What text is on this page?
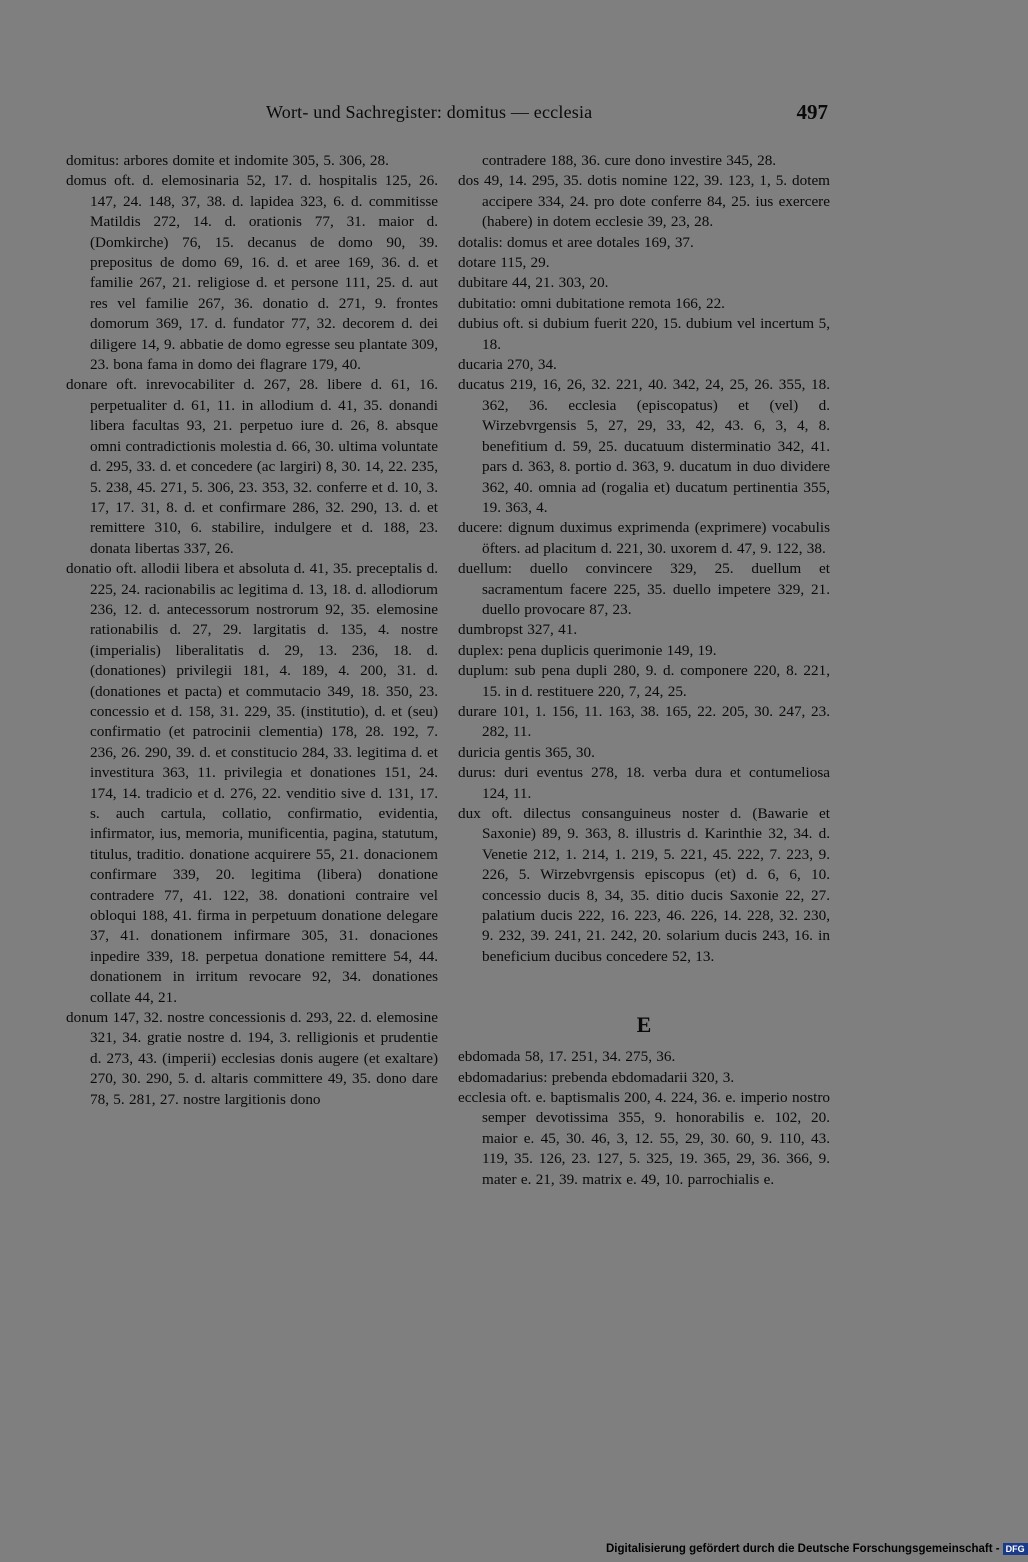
Wort- und Sachregister: domitus — ecclesia	497

domitus: arbores domite et indomite 305, 5. 306, 28.

domus oft. d. elemosinaria 52, 17. d. hospitalis 125, 26. 147, 24. 148, 37, 38. d. lapidea 323, 6. d. commitisse Matildis 272, 14. d. orationis 77, 31. maior d. (Domkirche) 76, 15. decanus de domo 90, 39. prepositus de domo 69, 16. d. et aree 169, 36. d. et familie 267, 21. religiose d. et persone 111, 25. d. aut res vel familie 267, 36. donatio d. 271, 9. frontes domorum 369, 17. d. fundator 77, 32. decorem d. dei diligere 14, 9. abbatie de domo egresse seu plantate 309, 23. bona fama in domo dei flagrare 179, 40.

donare oft. inrevocabiliter d. 267, 28. libere d. 61, 16. perpetualiter d. 61, 11. in allodium d. 41, 35. donandi libera facultas 93, 21. perpetuo iure d. 26, 8. absque omni contradictionis molestia d. 66, 30. ultima voluntate d. 295, 33. d. et concedere (ac largiri) 8, 30. 14, 22. 235, 5. 238, 45. 271, 5. 306, 23. 353, 32. conferre et d. 10, 3. 17, 17. 31, 8. d. et confirmare 286, 32. 290, 13. d. et remittere 310, 6. stabilire, indulgere et d. 188, 23. donata libertas 337, 26.

donatio oft. allodii libera et absoluta d. 41, 35. preceptalis d. 225, 24. racionabilis ac legitima d. 13, 18. d. allodiorum 236, 12. d. antecessorum nostrorum 92, 35. elemosine rationabilis d. 27, 29. largitatis d. 135, 4. nostre (imperialis) liberalitatis d. 29, 13. 236, 18. d. (donationes) privilegii 181, 4. 189, 4. 200, 31. d. (donationes et pacta) et commutacio 349, 18. 350, 23. concessio et d. 158, 31. 229, 35. (institutio), d. et (seu) confirmatio (et patrocinii clementia) 178, 28. 192, 7. 236, 26. 290, 39. d. et constitucio 284, 33. legitima d. et investitura 363, 11. privilegia et donationes 151, 24. 174, 14. tradicio et d. 276, 22. venditio sive d. 131, 17. s. auch cartula, collatio, confirmatio, evidentia, infirmator, ius, memoria, munificentia, pagina, statutum, titulus, traditio. donatione acquirere 55, 21. donacionem confirmare 339, 20. legitima (libera) donatione contradere 77, 41. 122, 38. donationi contraire vel obloqui 188, 41. firma in perpetuum donatione delegare 37, 41. donationem infirmare 305, 31. donaciones inpedire 339, 18. perpetua donatione remittere 54, 44. donationem in irritum revocare 92, 34. donationes collate 44, 21.

donum 147, 32. nostre concessionis d. 293, 22. d. elemosine 321, 34. gratie nostre d. 194, 3. relligionis et prudentie d. 273, 43. (imperii) ecclesias donis augere (et exaltare) 270, 30. 290, 5. d. altaris committere 49, 35. dono dare 78, 5. 281, 27. nostre largitionis dono

contradere 188, 36. cure dono investire 345, 28.

dos 49, 14. 295, 35. dotis nomine 122, 39. 123, 1, 5. dotem accipere 334, 24. pro dote conferre 84, 25. ius exercere (habere) in dotem ecclesie 39, 23, 28.

dotalis: domus et aree dotales 169, 37.

dotare 115, 29.

dubitare 44, 21. 303, 20.

dubitatio: omni dubitatione remota 166, 22.

dubius oft. si dubium fuerit 220, 15. dubium vel incertum 5, 18.

ducaria 270, 34.

ducatus 219, 16, 26, 32. 221, 40. 342, 24, 25, 26. 355, 18. 362, 36. ecclesia (episcopatus) et (vel) d. Wirzebvrgensis 5, 27, 29, 33, 42, 43. 6, 3, 4, 8. benefitium d. 59, 25. ducatuum disterminatio 342, 41. pars d. 363, 8. portio d. 363, 9. ducatum in duo dividere 362, 40. omnia ad (rogalia et) ducatum pertinentia 355, 19. 363, 4.

ducere: dignum duximus exprimenda (exprimere) vocabulis öfters. ad placitum d. 221, 30. uxorem d. 47, 9. 122, 38.

duellum: duello convincere 329, 25. duellum et sacramentum facere 225, 35. duello impetere 329, 21. duello provocare 87, 23.

dumbropst 327, 41.

duplex: pena duplicis querimonie 149, 19.

duplum: sub pena dupli 280, 9. d. componere 220, 8. 221, 15. in d. restituere 220, 7, 24, 25.

durare 101, 1. 156, 11. 163, 38. 165, 22. 205, 30. 247, 23. 282, 11.

duricia gentis 365, 30.

durus: duri eventus 278, 18. verba dura et contumeliosa 124, 11.

dux oft. dilectus consanguineus noster d. (Bawarie et Saxonie) 89, 9. 363, 8. illustris d. Karinthie 32, 34. d. Venetie 212, 1. 214, 1. 219, 5. 221, 45. 222, 7. 223, 9. 226, 5. Wirzebvrgensis episcopus (et) d. 6, 6, 10. concessio ducis 8, 34, 35. ditio ducis Saxonie 22, 27. palatium ducis 222, 16. 223, 46. 226, 14. 228, 32. 230, 9. 232, 39. 241, 21. 242, 20. solarium ducis 243, 16. in beneficium ducibus concedere 52, 13.

E

ebdomada 58, 17. 251, 34. 275, 36.

ebdomadarius: prebenda ebdomadarii 320, 3.

ecclesia oft. e. baptismalis 200, 4. 224, 36. e. imperio nostro semper devotissima 355, 9. honorabilis e. 102, 20. maior e. 45, 30. 46, 3, 12. 55, 29, 30. 60, 9. 110, 43. 119, 35. 126, 23. 127, 5. 325, 19. 365, 29, 36. 366, 9. mater e. 21, 39. matrix e. 49, 10. parrochialis e.

Digitalisierung gefördert durch die Deutsche Forschungsgemeinschaft - DFG
